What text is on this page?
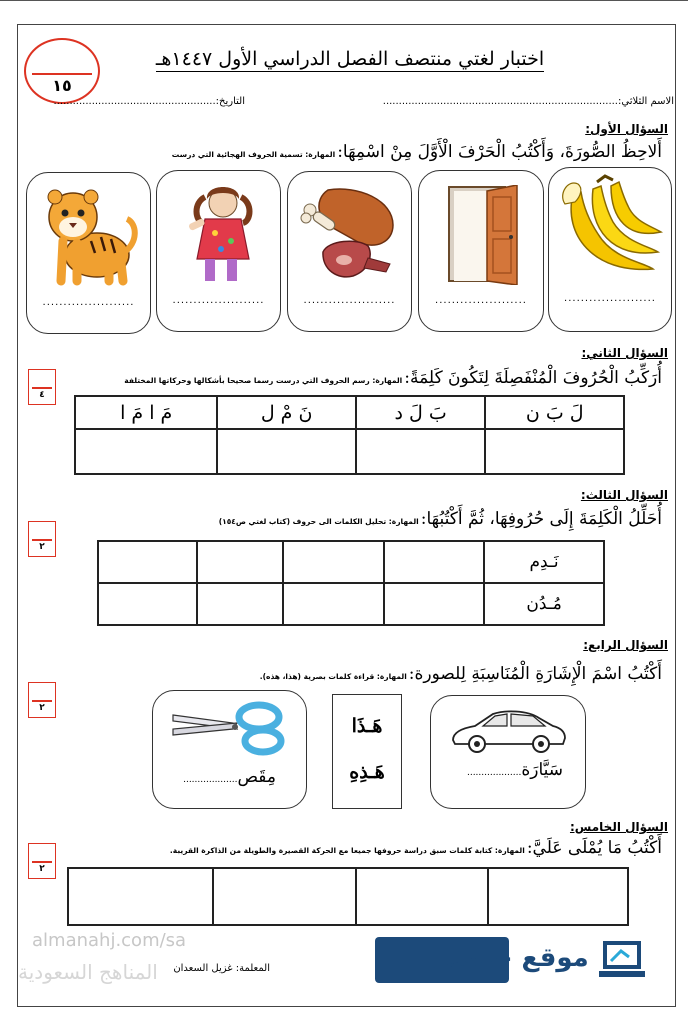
١٥
اختبار لغتي منتصف الفصل الدراسي الأول ١٤٤٧هـ
الاسم الثلاثي:..........................................................................
التاريخ:...................................................
السؤال الأول:
أَلاحِظُ الصُّورَةَ، وَأَكْتُبُ الْحَرْفَ الْأَوَّلَ مِنْ اسْمِهَا:المهارة: تسمية الحروف الهجائية التي درست
......................
......................
......................
......................
......................
السؤال الثاني:
أُرَكِّبُ الْحُرُوفَ الْمُنْفَصِلَةَ لِتَكُونَ كَلِمَةً:المهارة: رسم الحروف التي درست رسما صحيحا بأشكالها وحركاتها المختلفة
٤
لَ بَ ن	بَ لَ د	نَ مْ ل	مَ ا مَ ا

السؤال الثالث:
أُحَلِّلُ الْكَلِمَةَ إِلَى حُرُوفِهَا، ثُمَّ أَكْتُبُهَا:المهارة: تحليل الكلمات الى حروف (كتاب لغتي ص١٥٤)
٢
نَـدِم				
مُـدُن				
السؤال الرابع:
أَكْتُبُ اسْمَ الْإِشَارَةِ الْمُنَاسِبَةِ لِلصورة:المهارة: قراءة كلمات بصرية (هذا، هذه).
٢
سَيَّارَة...................
هَـذَا
هَـذِهِ
مِقَص...................
السؤال الخامس:
أَكْتُبُ مَا يُمْلَى عَلَيَّ:المهارة: كتابة كلمات سبق دراسة حروفها جميعا مع الحركة القصيرة والطويلة من الذاكرة القريبة.
٢

almanahj.com/sa
المناهج السعودية	المعلمة: غزيل السعدان	موقع حصتي
